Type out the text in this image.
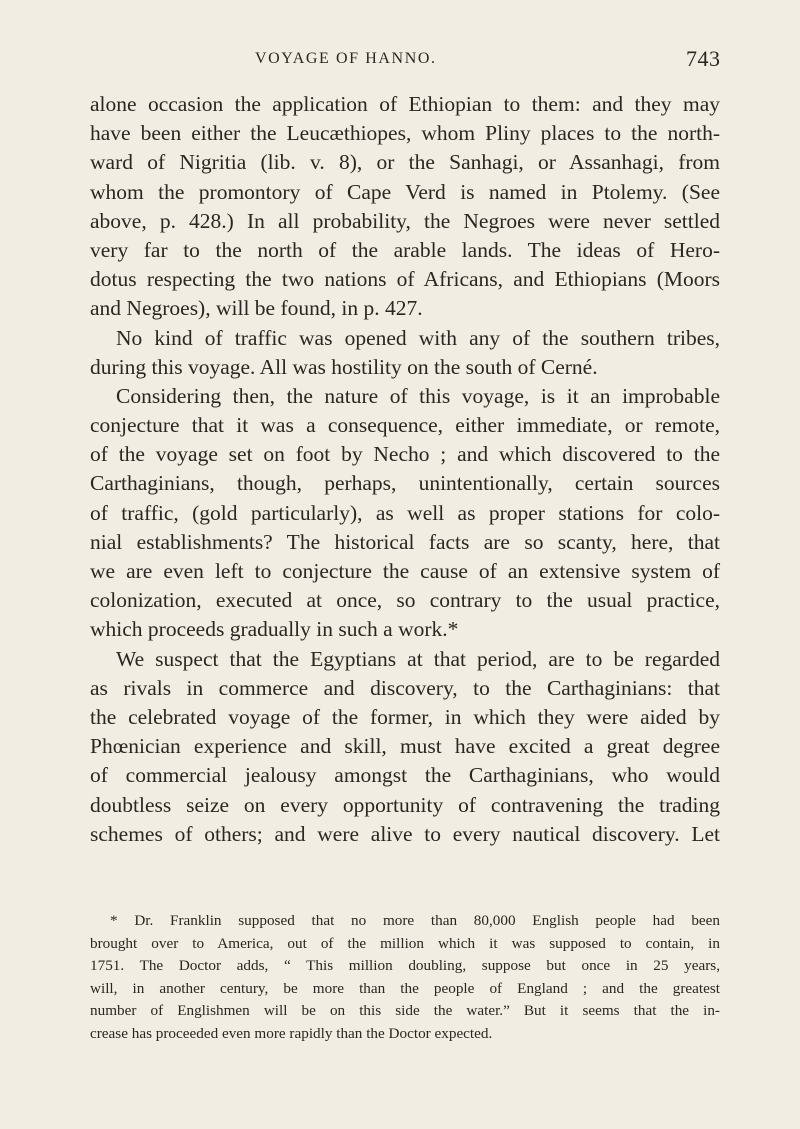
VOYAGE OF HANNO.	743
alone occasion the application of Ethiopian to them: and they may
have been either the Leucæthiopes, whom Pliny places to the north-
ward of Nigritia (lib. v. 8), or the Sanhagi, or Assanhagi, from
whom the promontory of Cape Verd is named in Ptolemy. (See
above, p. 428.) In all probability, the Negroes were never settled
very far to the north of the arable lands. The ideas of Hero-
dotus respecting the two nations of Africans, and Ethiopians (Moors
and Negroes), will be found, in p. 427.
No kind of traffic was opened with any of the southern tribes,
during this voyage. All was hostility on the south of Cerné.
Considering then, the nature of this voyage, is it an improbable
conjecture that it was a consequence, either immediate, or remote,
of the voyage set on foot by Necho ; and which discovered to the
Carthaginians, though, perhaps, unintentionally, certain sources
of traffic, (gold particularly), as well as proper stations for colo-
nial establishments? The historical facts are so scanty, here, that
we are even left to conjecture the cause of an extensive system of
colonization, executed at once, so contrary to the usual practice,
which proceeds gradually in such a work.*
We suspect that the Egyptians at that period, are to be regarded
as rivals in commerce and discovery, to the Carthaginians: that
the celebrated voyage of the former, in which they were aided by
Phœnician experience and skill, must have excited a great degree
of commercial jealousy amongst the Carthaginians, who would
doubtless seize on every opportunity of contravening the trading
schemes of others; and were alive to every nautical discovery. Let
* Dr. Franklin supposed that no more than 80,000 English people had been
brought over to America, out of the million which it was supposed to contain, in
1751. The Doctor adds, “ This million doubling, suppose but once in 25 years,
will, in another century, be more than the people of England ; and the greatest
number of Englishmen will be on this side the water.” But it seems that the in-
crease has proceeded even more rapidly than the Doctor expected.
